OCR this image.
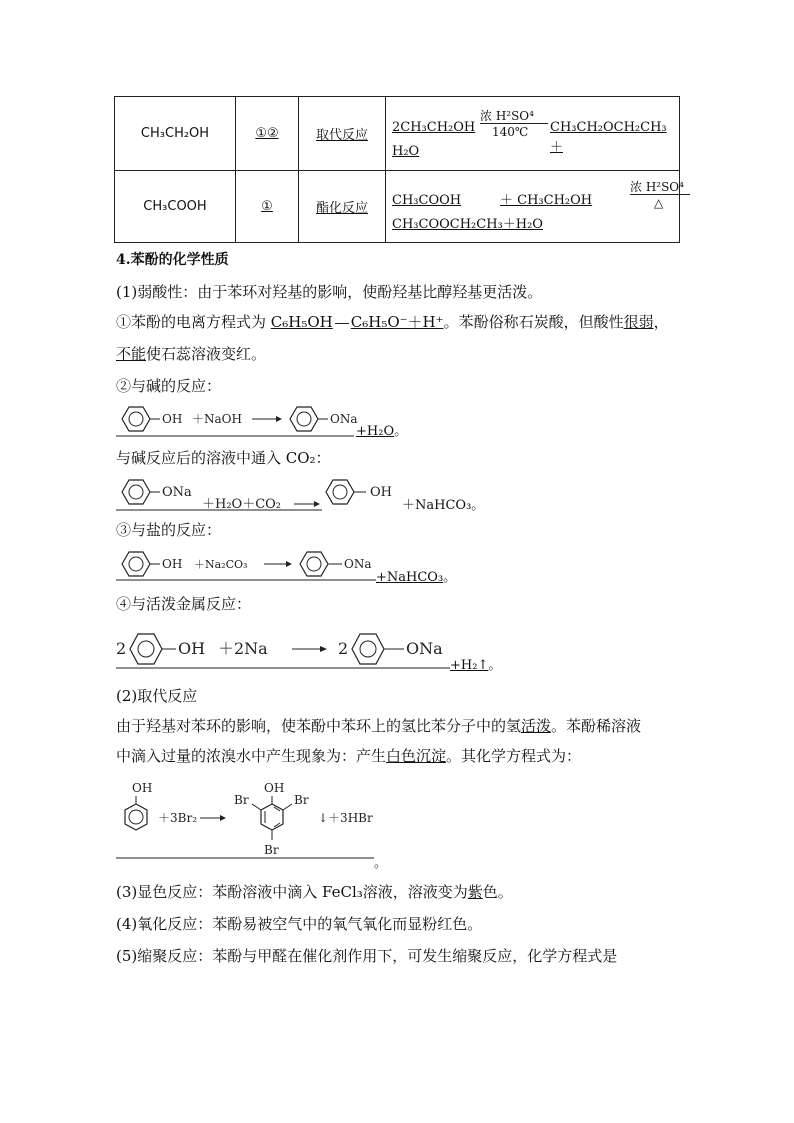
CH₃CH₂OH	①②	取代反应	2CH₃CH₂OH
浓 H²SO⁴
140℃ CH₃CH₂OCH₂CH₃ ＋
H₂O

CH₃COOH	①	酯化反应	CH₃COOH ＋ CH₃CH₂OH
浓 H²SO⁴
△
CH₃COOCH₂CH₃＋H₂O
4.苯酚的化学性质
(1)弱酸性：由于苯环对羟基的影响，使酚羟基比醇羟基更活泼。
①苯酚的电离方程式为 C₆H₅OH C₆H₅O⁻＋H⁺。苯酚俗称石炭酸，但酸性很弱，
不能使石蕊溶液变红。
②与碱的反应：
OH ＋NaOH	ONa
+H₂O。
与碱反应后的溶液中通入 CO₂：
ONa
＋H₂O＋CO₂
OH
＋NaHCO₃。
③与盐的反应：
OH ＋Na₂CO₃	ONa
+NaHCO₃。
④与活泼金属反应：
2	OH ＋2Na	2	ONa
+H₂↑。
(2)取代反应
由于羟基对苯环的影响，使苯酚中苯环上的氢比苯分子中的氢活泼。苯酚稀溶液
中滴入过量的浓溴水中产生现象为：产生白色沉淀。其化学方程式为：
OH
＋3Br₂
OH
Br	Br
Br
↓＋3HBr
。
(3)显色反应：苯酚溶液中滴入 FeCl₃溶液，溶液变为紫色。
(4)氧化反应：苯酚易被空气中的氧气氧化而显粉红色。
(5)缩聚反应：苯酚与甲醛在催化剂作用下，可发生缩聚反应，化学方程式是
